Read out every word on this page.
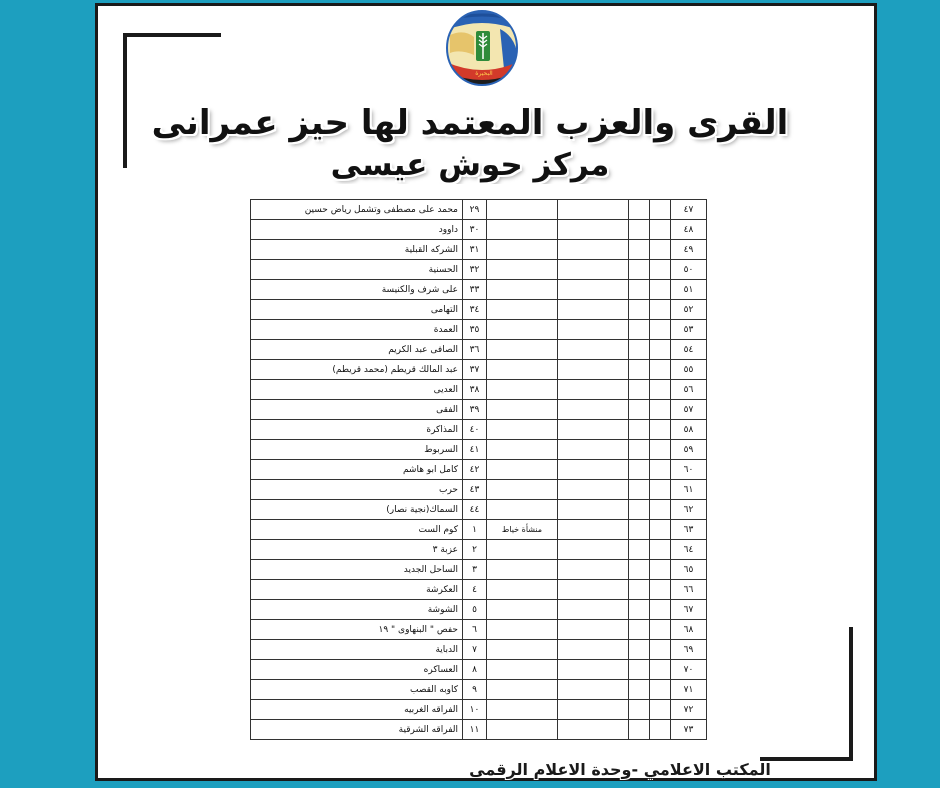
البحيرة
القرى والعزب المعتمد لها حيز عمرانى
مركز حوش عيسى
٤٧					٢٩	محمد على مصطفى وتشمل رياض حسين
٤٨					٣٠	داوود
٤٩					٣١	الشركه القبلية
٥٠					٣٢	الحسنية
٥١					٣٣	على شرف والكنيسة
٥٢					٣٤	التهامى
٥٣					٣٥	العمدة
٥٤					٣٦	الصافى عبد الكريم
٥٥					٣٧	عبد المالك قريطم (محمد قريطم)
٥٦					٣٨	العديى
٥٧					٣٩	الفقى
٥٨					٤٠	المذاكرة
٥٩					٤١	السربوط
٦٠					٤٢	كامل ابو هاشم
٦١					٤٣	حرب
٦٢					٤٤	السماك(نجية نصار)
٦٣				منشأة خياط	١	كوم الست
٦٤					٢	عزبة ٣
٦٥					٣	الساحل الجديد
٦٦					٤	العكرشة
٦٧					٥	الشوشة
٦٨					٦	حفص " البنهاوى " ١٩
٦٩					٧	الدباية
٧٠					٨	العساكره
٧١					٩	كاوبه القصب
٧٢					١٠	الفراقه الغربيه
٧٣					١١	الفراقه الشرقية
المكتب الاعلامي -وحدة الاعلام الرقمى
